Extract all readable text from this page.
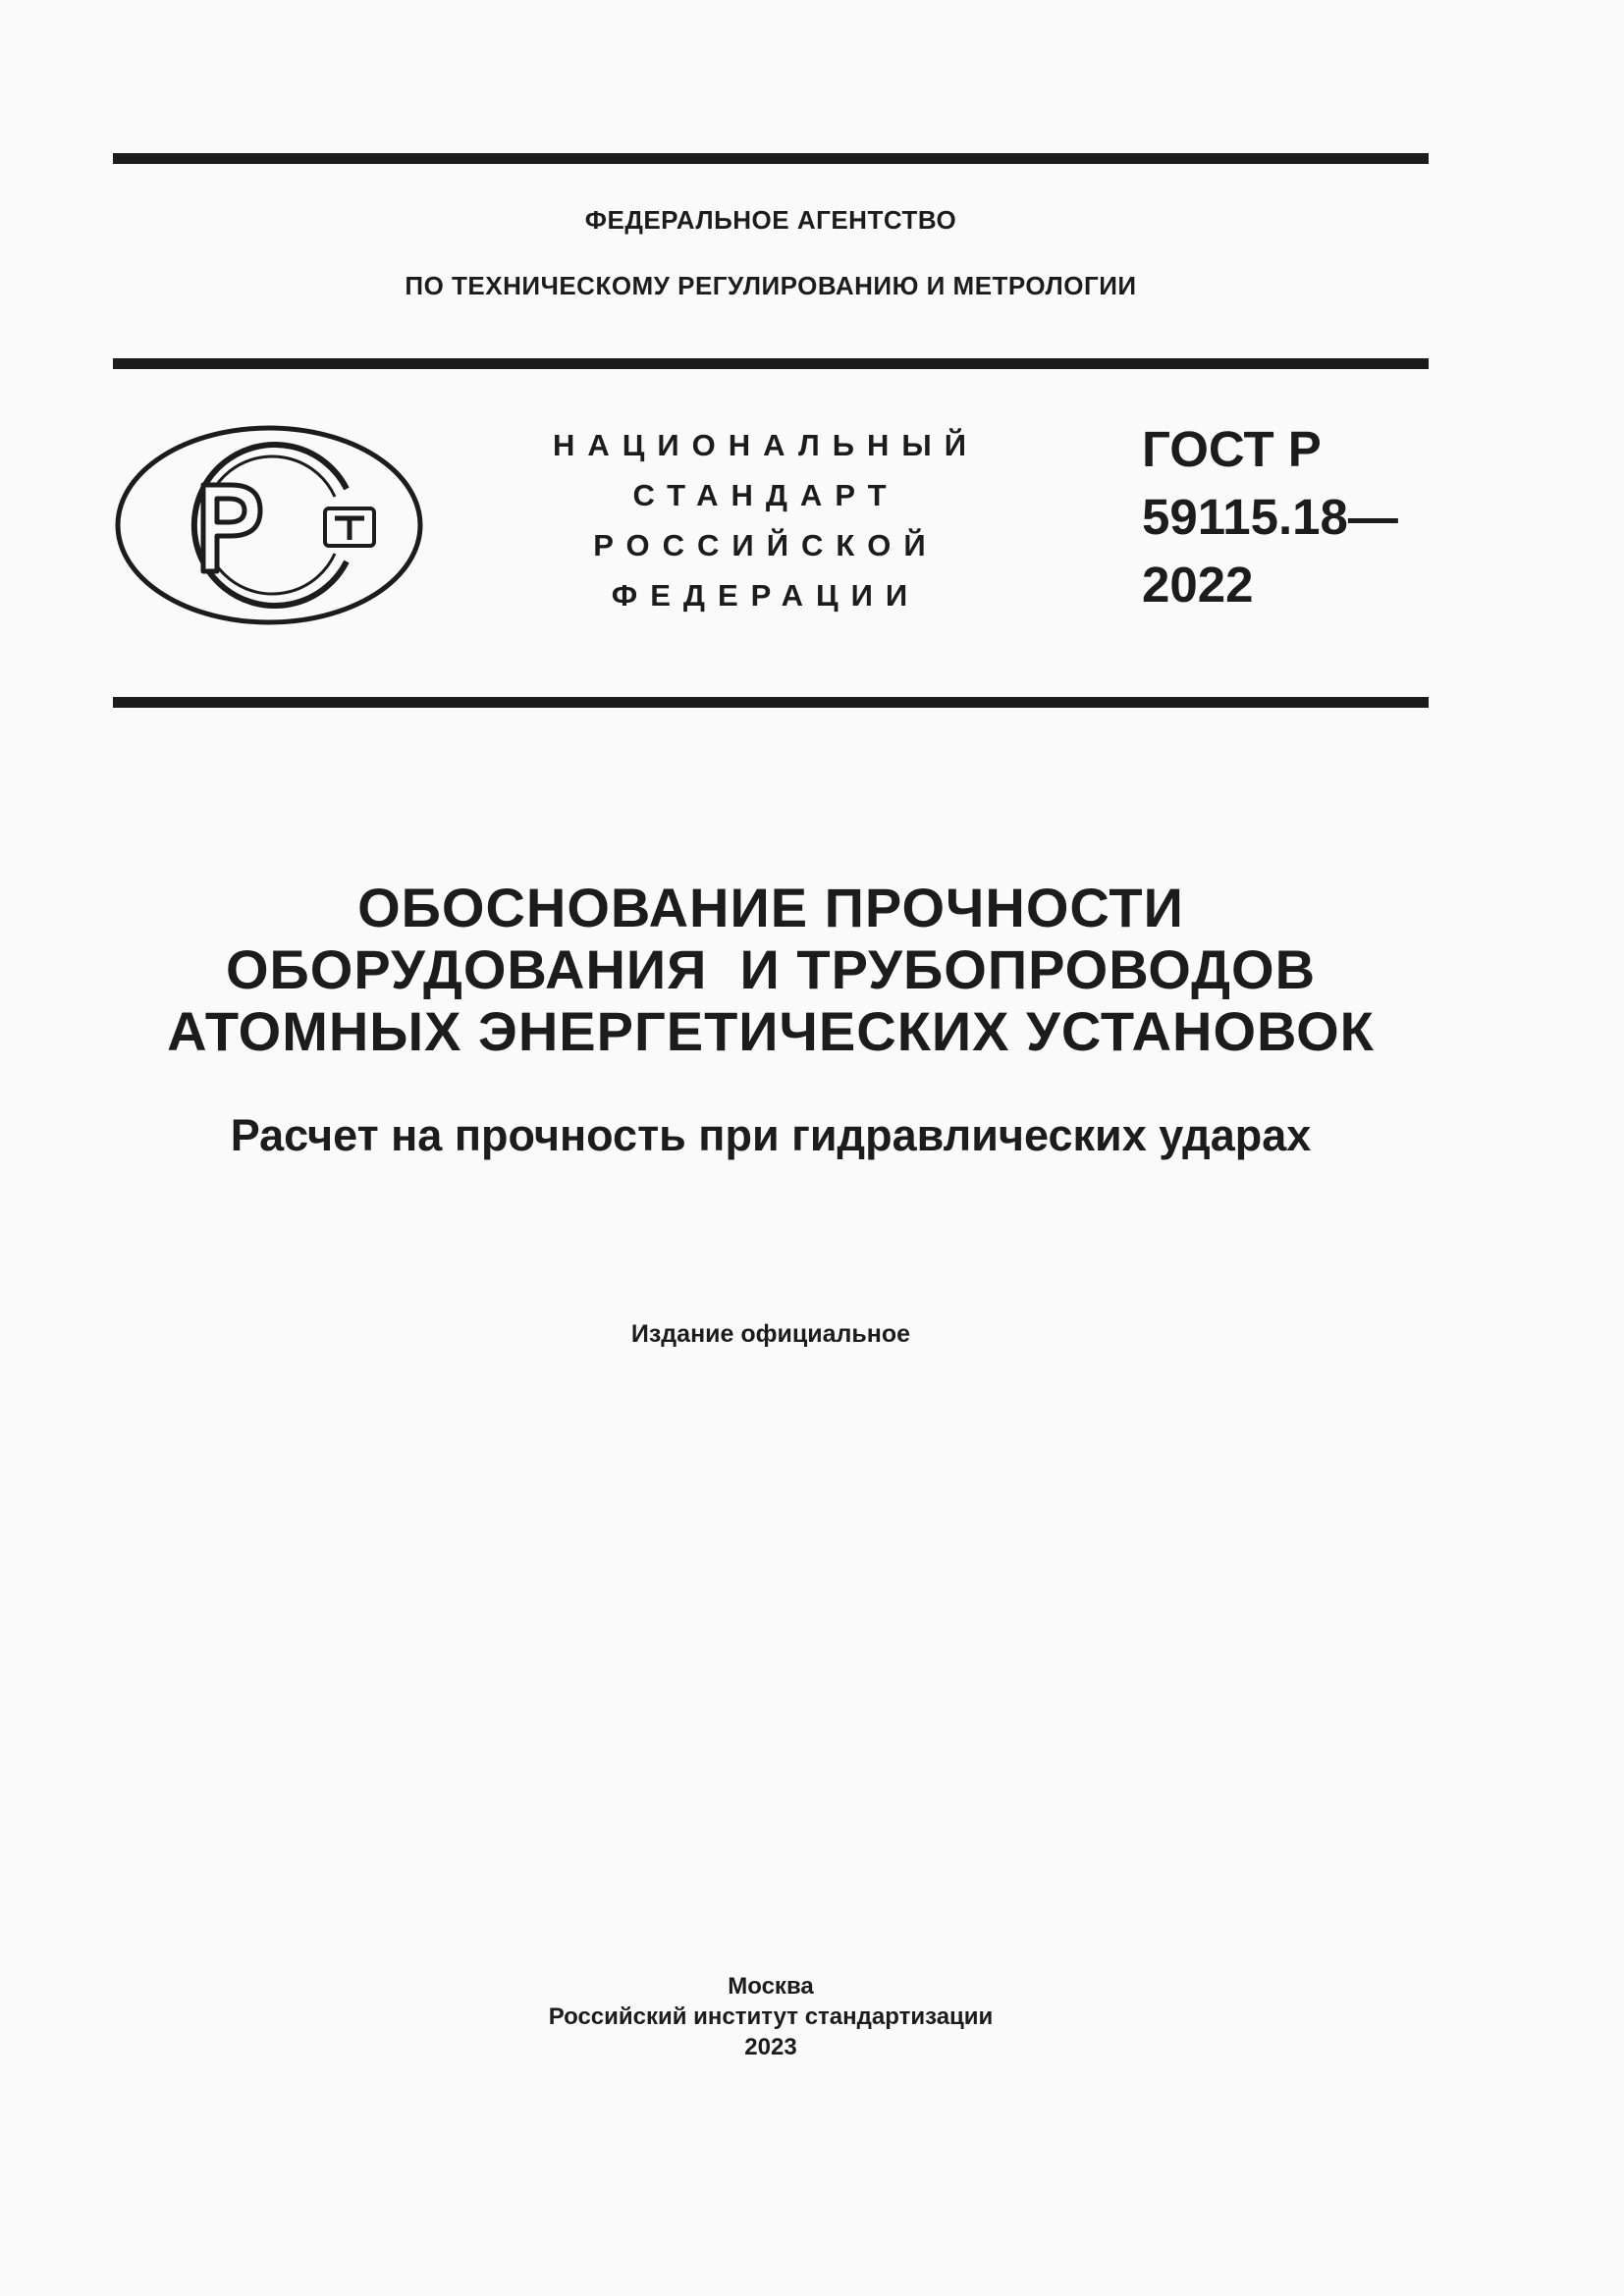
ФЕДЕРАЛЬНОЕ АГЕНТСТВО
ПО ТЕХНИЧЕСКОМУ РЕГУЛИРОВАНИЮ И МЕТРОЛОГИИ
НАЦИОНАЛЬНЫЙ
СТАНДАРТ
РОССИЙСКОЙ
ФЕДЕРАЦИИ
ГОСТ Р
59115.18—
2022
ОБОСНОВАНИЕ ПРОЧНОСТИ
ОБОРУДОВАНИЯ  И ТРУБОПРОВОДОВ
АТОМНЫХ ЭНЕРГЕТИЧЕСКИХ УСТАНОВОК
Расчет на прочность при гидравлических ударах
Издание официальное
Москва
Российский институт стандартизации
2023
